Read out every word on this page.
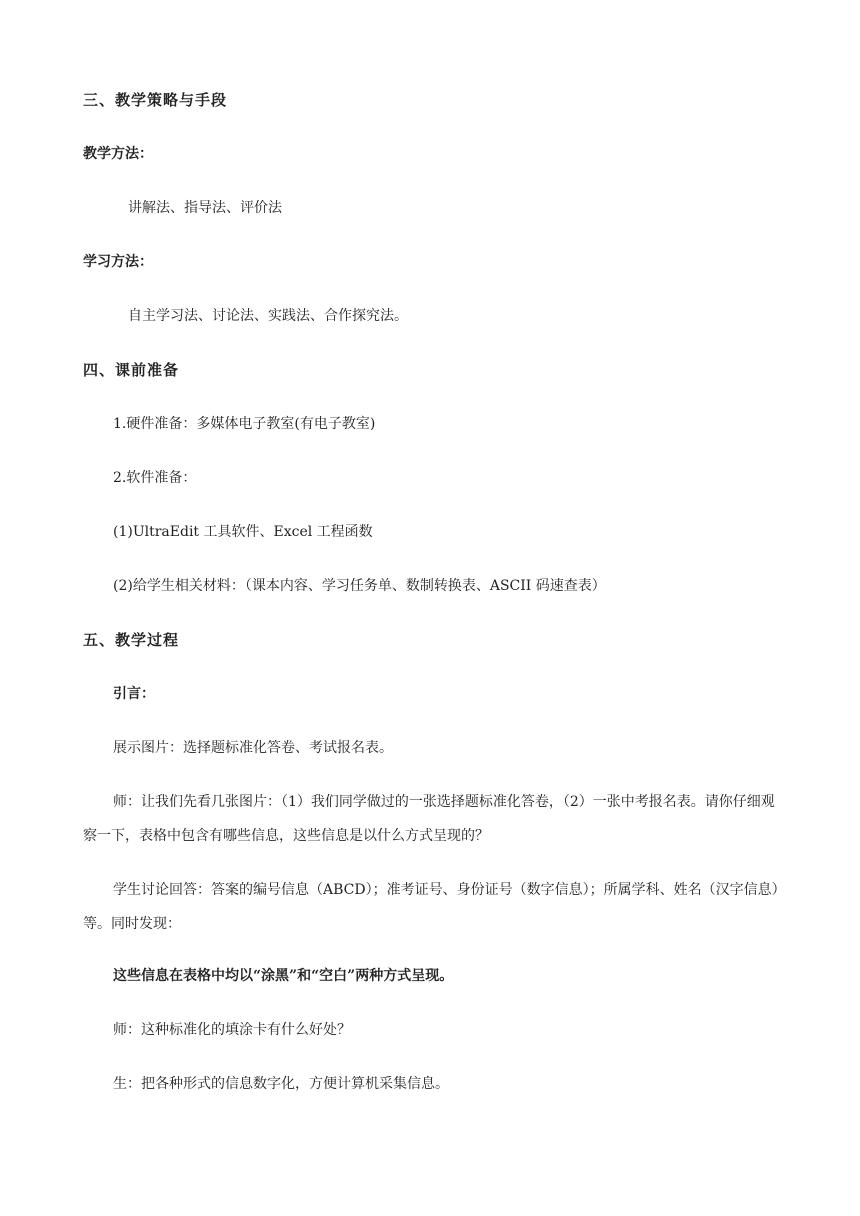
三、教学策略与手段
教学方法：
讲解法、指导法、评价法
学习方法：
自主学习法、讨论法、实践法、合作探究法。
四、课前准备
1.硬件准备：多媒体电子教室(有电子教室)
2.软件准备：
(1)UltraEdit 工具软件、Excel 工程函数
(2)给学生相关材料：（课本内容、学习任务单、数制转换表、ASCII 码速查表）
五、教学过程
引言：
展示图片：选择题标准化答卷、考试报名表。
师：让我们先看几张图片：（1）我们同学做过的一张选择题标准化答卷，（2）一张中考报名表。请你仔细观察一下，表格中包含有哪些信息，这些信息是以什么方式呈现的？
学生讨论回答：答案的编号信息（ABCD）；准考证号、身份证号（数字信息）；所属学科、姓名（汉字信息）等。同时发现：
这些信息在表格中均以“涂黑”和“空白”两种方式呈现。
师：这种标准化的填涂卡有什么好处？
生：把各种形式的信息数字化，方便计算机采集信息。
